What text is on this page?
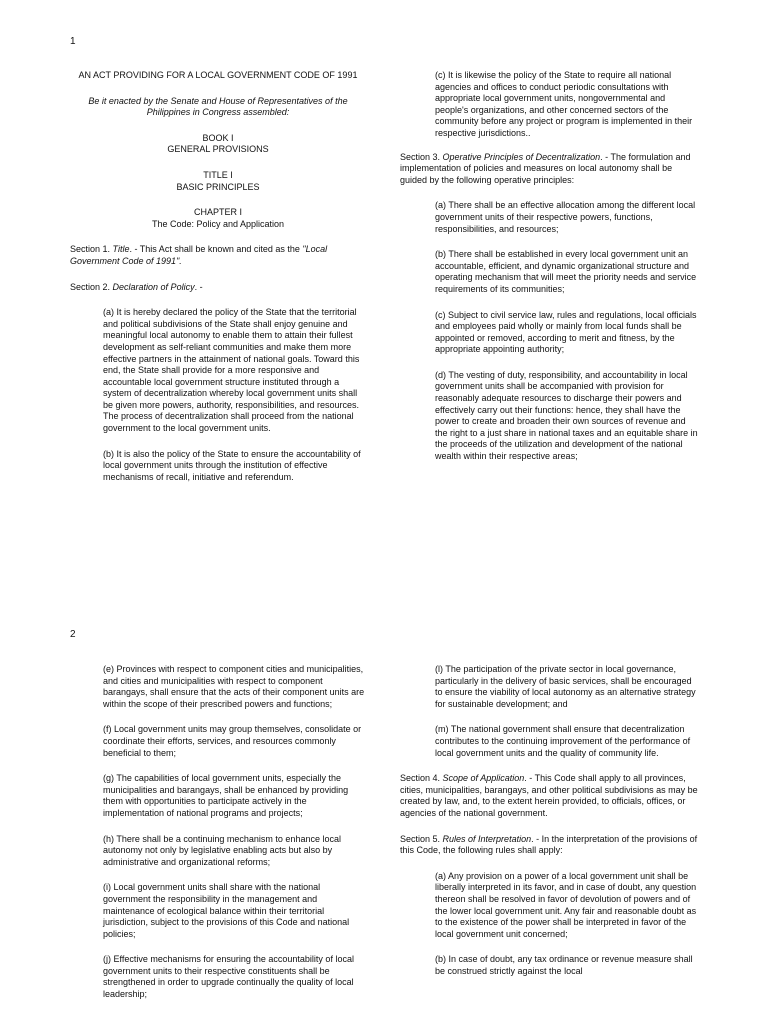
1

AN ACT PROVIDING FOR A LOCAL GOVERNMENT CODE OF 1991

Be it enacted by the Senate and House of Representatives of the Philippines in Congress assembled:

BOOK I

GENERAL PROVISIONS

TITLE I

BASIC PRINCIPLES

CHAPTER I

The Code: Policy and Application

Section 1. Title. - This Act shall be known and cited as the "Local Government Code of 1991".

Section 2. Declaration of Policy. -

(a) It is hereby declared the policy of the State that the territorial and political subdivisions of the State shall enjoy genuine and meaningful local autonomy to enable them to attain their fullest development as self-reliant communities and make them more effective partners in the attainment of national goals. Toward this end, the State shall provide for a more responsive and accountable local government structure instituted through a system of decentralization whereby local government units shall be given more powers, authority, responsibilities, and resources. The process of decentralization shall proceed from the national government to the local government units.

(b) It is also the policy of the State to ensure the accountability of local government units through the institution of effective mechanisms of recall, initiative and referendum.

(c) It is likewise the policy of the State to require all national agencies and offices to conduct periodic consultations with appropriate local government units, nongovernmental and people's organizations, and other concerned sectors of the community before any project or program is implemented in their respective jurisdictions..

Section 3. Operative Principles of Decentralization. - The formulation and implementation of policies and measures on local autonomy shall be guided by the following operative principles:

(a) There shall be an effective allocation among the different local government units of their respective powers, functions, responsibilities, and resources;

(b) There shall be established in every local government unit an accountable, efficient, and dynamic organizational structure and operating mechanism that will meet the priority needs and service requirements of its communities;

(c) Subject to civil service law, rules and regulations, local officials and employees paid wholly or mainly from local funds shall be appointed or removed, according to merit and fitness, by the appropriate appointing authority;

(d) The vesting of duty, responsibility, and accountability in local government units shall be accompanied with provision for reasonably adequate resources to discharge their powers and effectively carry out their functions: hence, they shall have the power to create and broaden their own sources of revenue and the right to a just share in national taxes and an equitable share in the proceeds of the utilization and development of the national wealth within their respective areas;

2

(e) Provinces with respect to component cities and municipalities, and cities and municipalities with respect to component barangays, shall ensure that the acts of their component units are within the scope of their prescribed powers and functions;

(f) Local government units may group themselves, consolidate or coordinate their efforts, services, and resources commonly beneficial to them;

(g) The capabilities of local government units, especially the municipalities and barangays, shall be enhanced by providing them with opportunities to participate actively in the implementation of national programs and projects;

(h) There shall be a continuing mechanism to enhance local autonomy not only by legislative enabling acts but also by administrative and organizational reforms;

(i) Local government units shall share with the national government the responsibility in the management and maintenance of ecological balance within their territorial jurisdiction, subject to the provisions of this Code and national policies;

(j) Effective mechanisms for ensuring the accountability of local government units to their respective constituents shall be strengthened in order to upgrade continually the quality of local leadership;

(l) The participation of the private sector in local governance, particularly in the delivery of basic services, shall be encouraged to ensure the viability of local autonomy as an alternative strategy for sustainable development; and

(m) The national government shall ensure that decentralization contributes to the continuing improvement of the performance of local government units and the quality of community life.

Section 4. Scope of Application. - This Code shall apply to all provinces, cities, municipalities, barangays, and other political subdivisions as may be created by law, and, to the extent herein provided, to officials, offices, or agencies of the national government.

Section 5. Rules of Interpretation. - In the interpretation of the provisions of this Code, the following rules shall apply:

(a) Any provision on a power of a local government unit shall be liberally interpreted in its favor, and in case of doubt, any question thereon shall be resolved in favor of devolution of powers and of the lower local government unit. Any fair and reasonable doubt as to the existence of the power shall be interpreted in favor of the local government unit concerned;

(b) In case of doubt, any tax ordinance or revenue measure shall be construed strictly against the local
